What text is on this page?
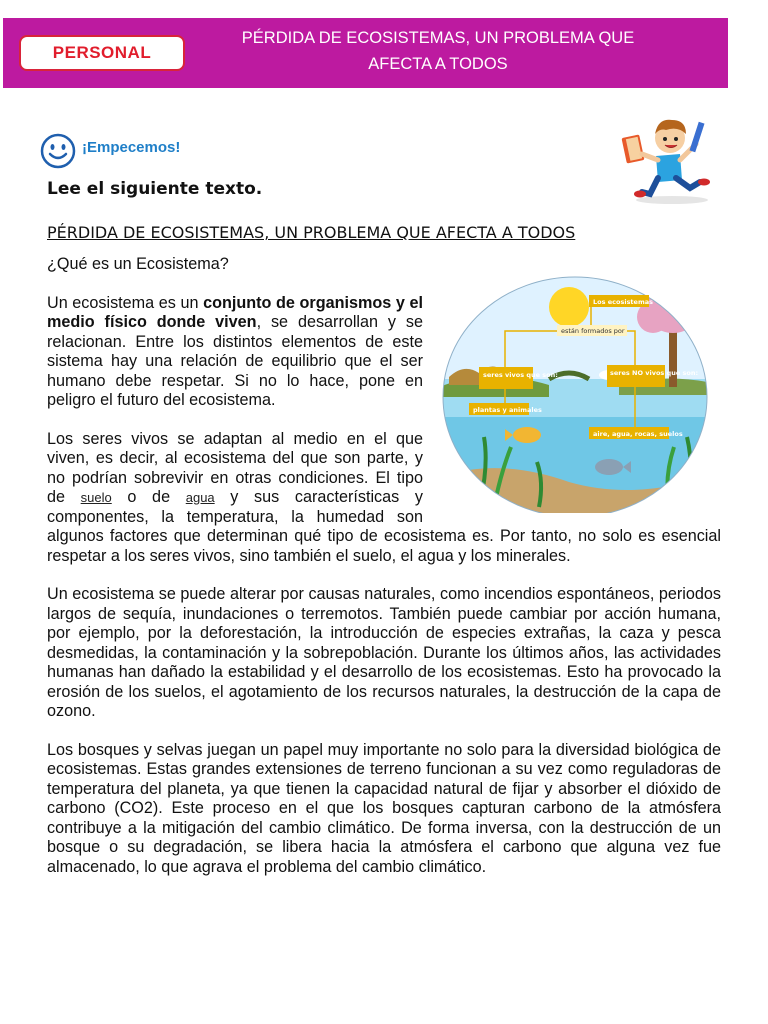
PERSONAL
PÉRDIDA DE ECOSISTEMAS, UN PROBLEMA QUE
AFECTA A TODOS
¡Empecemos!
Lee el siguiente texto.
PÉRDIDA DE ECOSISTEMAS, UN PROBLEMA QUE AFECTA A TODOS
Los ecosistemas
están formados por
seres vivos que son:	seres NO vivos que son:
plantas y animales
aire, agua, rocas, suelos

¿Qué es un Ecosistema?

Un ecosistema es un conjunto de organismos y el medio físico donde viven, se desarrollan y se relacionan. Entre los distintos elementos de este sistema hay una relación de equilibrio que el ser humano debe respetar. Si no lo hace, pone en peligro el futuro del ecosistema.

Los seres vivos se adaptan al medio en el que viven, es decir, al ecosistema del que son parte, y no podrían sobrevivir en otras condiciones. El tipo de suelo o de agua y sus características y componentes, la temperatura, la humedad son algunos factores que determinan qué tipo de ecosistema es. Por tanto, no solo es esencial respetar a los seres vivos, sino también el suelo, el agua y los minerales.

Un ecosistema se puede alterar por causas naturales, como incendios espontáneos, periodos largos de sequía, inundaciones o terremotos. También puede cambiar por acción humana, por ejemplo, por la deforestación, la introducción de especies extrañas, la caza y pesca desmedidas, la contaminación y la sobrepoblación. Durante los últimos años, las actividades humanas han dañado la estabilidad y el desarrollo de los ecosistemas. Esto ha provocado la erosión de los suelos, el agotamiento de los recursos naturales, la destrucción de la capa de ozono.

Los bosques y selvas juegan un papel muy importante no solo para la diversidad biológica de ecosistemas. Estas grandes extensiones de terreno funcionan a su vez como reguladoras de temperatura del planeta, ya que tienen la capacidad natural de fijar y absorber el dióxido de carbono (CO2). Este proceso en el que los bosques capturan carbono de la atmósfera contribuye a la mitigación del cambio climático. De forma inversa, con la destrucción de un bosque o su degradación, se libera hacia la atmósfera el carbono que alguna vez fue almacenado, lo que agrava el problema del cambio climático.
